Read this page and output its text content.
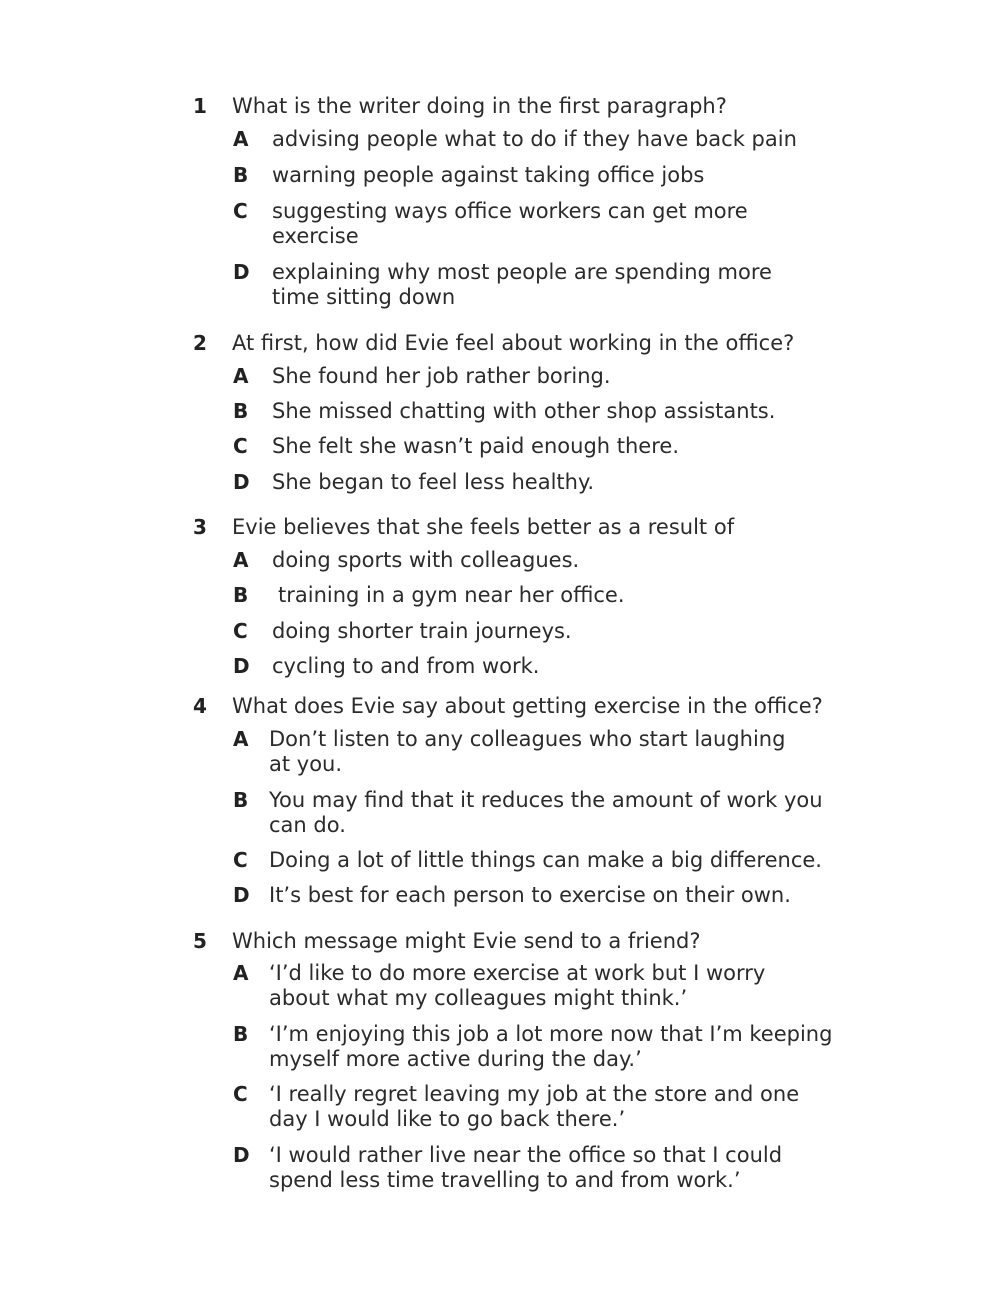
1 What is the writer doing in the first paragraph?
A advising people what to do if they have back pain
B warning people against taking office jobs
C suggesting ways office workers can get more
exercise
D explaining why most people are spending more
time sitting down
2 At first, how did Evie feel about working in the office?
A She found her job rather boring.
B She missed chatting with other shop assistants.
C She felt she wasn’t paid enough there.
D She began to feel less healthy.
3 Evie believes that she feels better as a result of
A doing sports with colleagues.
B training in a gym near her office.
C doing shorter train journeys.
D cycling to and from work.
4 What does Evie say about getting exercise in the office?
A Don’t listen to any colleagues who start laughing
at you.
B You may find that it reduces the amount of work you
can do.
C Doing a lot of little things can make a big difference.
D It’s best for each person to exercise on their own.
5 Which message might Evie send to a friend?
A ‘I’d like to do more exercise at work but I worry
about what my colleagues might think.’
B ‘I’m enjoying this job a lot more now that I’m keeping
myself more active during the day.’
C ‘I really regret leaving my job at the store and one
day I would like to go back there.’
D ‘I would rather live near the office so that I could
spend less time travelling to and from work.’
